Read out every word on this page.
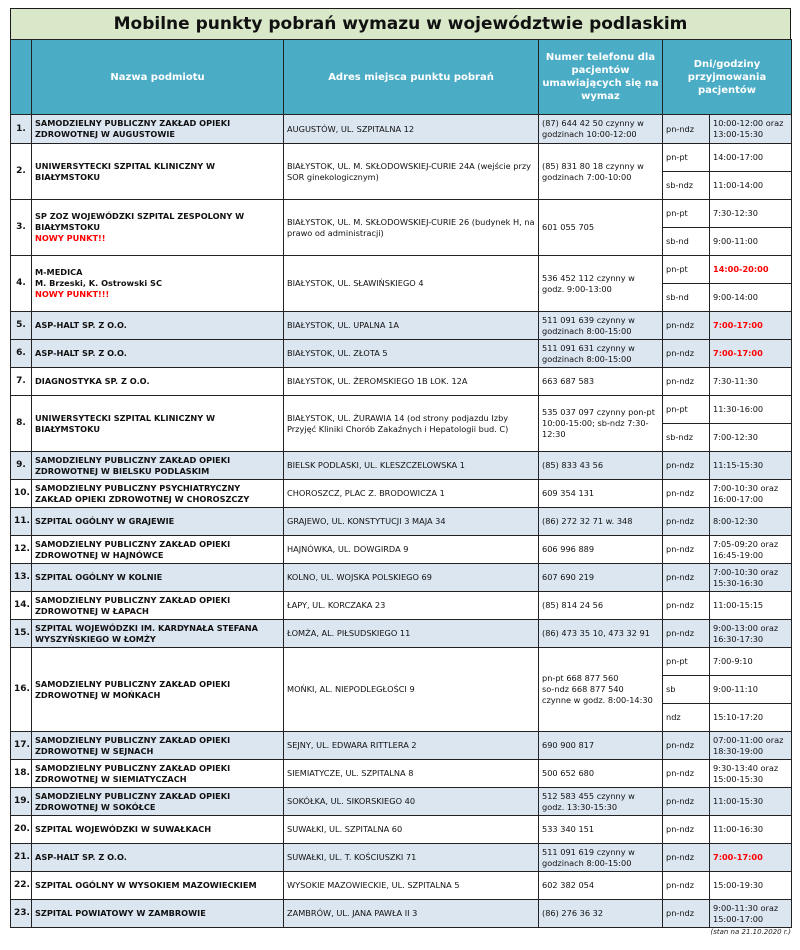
Mobilne punkty pobrań wymazu w województwie podlaskim
	Nazwa podmiotu	Adres miejsca punktu pobrań	Numer telefonu dla pacjentów umawiających się na wymaz	Dni/godziny przyjmowania pacjentów	
1.	SAMODZIELNY PUBLICZNY ZAKŁAD OPIEKI ZDROWOTNEJ W AUGUSTOWIE	AUGUSTÓW, UL. SZPITALNA 12	(87) 644 42 50 czynny w godzinach 10:00-12:00	pn-ndz	10:00-12:00 oraz 13:00-15:30
2.	UNIWERSYTECKI SZPITAL KLINICZNY W BIAŁYMSTOKU	BIAŁYSTOK, UL. M. SKŁODOWSKIEJ-CURIE 24A (wejście przy SOR ginekologicznym)	(85) 831 80 18 czynny w godzinach 7:00-10:00	pn-pt	14:00-17:00
				sb-ndz	11:00-14:00
3.	SP ZOZ WOJEWÓDZKI SZPITAL ZESPOLONY W BIAŁYMSTOKU
NOWY PUNKT!!	BIAŁYSTOK, UL. M. SKŁODOWSKIEJ-CURIE 26 (budynek H, na prawo od administracji)	601 055 705	pn-pt	7:30-12:30
				sb-nd	9:00-11:00
4.	M-MEDICA
M. Brzeski, K. Ostrowski SC
NOWY PUNKT!!!	BIAŁYSTOK, UL. SŁAWIŃSKIEGO 4	536 452 112 czynny w godz. 9:00-13:00	pn-pt	14:00-20:00
				sb-nd	9:00-14:00
5.	ASP-HALT SP. Z O.O.	BIAŁYSTOK, UL. UPALNA 1A	511 091 639 czynny w godzinach 8:00-15:00	pn-ndz	7:00-17:00
6.	ASP-HALT SP. Z O.O.	BIAŁYSTOK, UL. ZŁOTA 5	511 091 631 czynny w godzinach 8:00-15:00	pn-ndz	7:00-17:00
7.	DIAGNOSTYKA SP. Z O.O.	BIAŁYSTOK, UL. ŻEROMSKIEGO 1B LOK. 12A	663 687 583	pn-ndz	7:30-11:30
8.	UNIWERSYTECKI SZPITAL KLINICZNY W BIAŁYMSTOKU	BIAŁYSTOK, UL. ŻURAWIA 14 (od strony podjazdu Izby Przyjęć Kliniki Chorób Zakaźnych i Hepatologii bud. C)	535 037 097 czynny pon-pt 10:00-15:00; sb-ndz 7:30-12:30	pn-pt	11:30-16:00
				sb-ndz	7:00-12:30
9.	SAMODZIELNY PUBLICZNY ZAKŁAD OPIEKI ZDROWOTNEJ W BIELSKU PODLASKIM	BIELSK PODLASKI, UL. KLESZCZELOWSKA 1	(85) 833 43 56	pn-ndz	11:15-15:30
10.	SAMODZIELNY PUBLICZNY PSYCHIATRYCZNY ZAKŁAD OPIEKI ZDROWOTNEJ W CHOROSZCZY	CHOROSZCZ, PLAC Z. BRODOWICZA 1	609 354 131	pn-ndz	7:00-10:30 oraz 16:00-17:00
11.	SZPITAL OGÓLNY W GRAJEWIE	GRAJEWO, UL. KONSTYTUCJI 3 MAJA 34	(86) 272 32 71 w. 348	pn-ndz	8:00-12:30
12.	SAMODZIELNY PUBLICZNY ZAKŁAD OPIEKI ZDROWOTNEJ W HAJNÓWCE	HAJNÓWKA, UL. DOWGIRDA 9	606 996 889	pn-ndz	7:05-09:20 oraz 16:45-19:00
13.	SZPITAL OGÓLNY W KOLNIE	KOLNO, UL. WOJSKA POLSKIEGO 69	607 690 219	pn-ndz	7:00-10:30 oraz 15:30-16:30
14.	SAMODZIELNY PUBLICZNY ZAKŁAD OPIEKI ZDROWOTNEJ W ŁAPACH	ŁAPY, UL. KORCZAKA 23	(85) 814 24 56	pn-ndz	11:00-15:15
15.	SZPITAL WOJEWÓDZKI IM. KARDYNAŁA STEFANA WYSZYŃSKIEGO W ŁOMŻY	ŁOMŻA, AL. PIŁSUDSKIEGO 11	(86) 473 35 10, 473 32 91	pn-ndz	9:00-13:00 oraz 16:30-17:30
16.	SAMODZIELNY PUBLICZNY ZAKŁAD OPIEKI ZDROWOTNEJ W MOŃKACH	MOŃKI, AL. NIEPODLEGŁOŚCI 9	pn-pt 668 877 560
so-ndz 668 877 540
czynne w godz. 8:00-14:30	pn-pt	7:00-9:10
				sb	9:00-11:10
				ndz	15:10-17:20
17.	SAMODZIELNY PUBLICZNY ZAKŁAD OPIEKI ZDROWOTNEJ W SEJNACH	SEJNY, UL. EDWARA RITTLERA 2	690 900 817	pn-ndz	07:00-11:00 oraz 18:30-19:00
18.	SAMODZIELNY PUBLICZNY ZAKŁAD OPIEKI ZDROWOTNEJ W SIEMIATYCZACH	SIEMIATYCZE, UL. SZPITALNA 8	500 652 680	pn-ndz	9:30-13:40 oraz 15:00-15:30
19.	SAMODZIELNY PUBLICZNY ZAKŁAD OPIEKI ZDROWOTNEJ W SOKÓŁCE	SOKÓŁKA, UL. SIKORSKIEGO 40	512 583 455 czynny w godz. 13:30-15:30	pn-ndz	11:00-15:30
20.	SZPITAL WOJEWÓDZKI W SUWAŁKACH	SUWAŁKI, UL. SZPITALNA 60	533 340 151	pn-ndz	11:00-16:30
21.	ASP-HALT SP. Z O.O.	SUWAŁKI, UL. T. KOŚCIUSZKI 71	511 091 619 czynny w godzinach 8:00-15:00	pn-ndz	7:00-17:00
22.	SZPITAL OGÓLNY W WYSOKIEM MAZOWIECKIEM	WYSOKIE MAZOWIECKIE, UL. SZPITALNA 5	602 382 054	pn-ndz	15:00-19:30
23.	SZPITAL POWIATOWY W ZAMBROWIE	ZAMBRÓW, UL. JANA PAWŁA II 3	(86) 276 36 32	pn-ndz	9:00-11:30 oraz 15:00-17:00
(stan na 21.10.2020 r.)
